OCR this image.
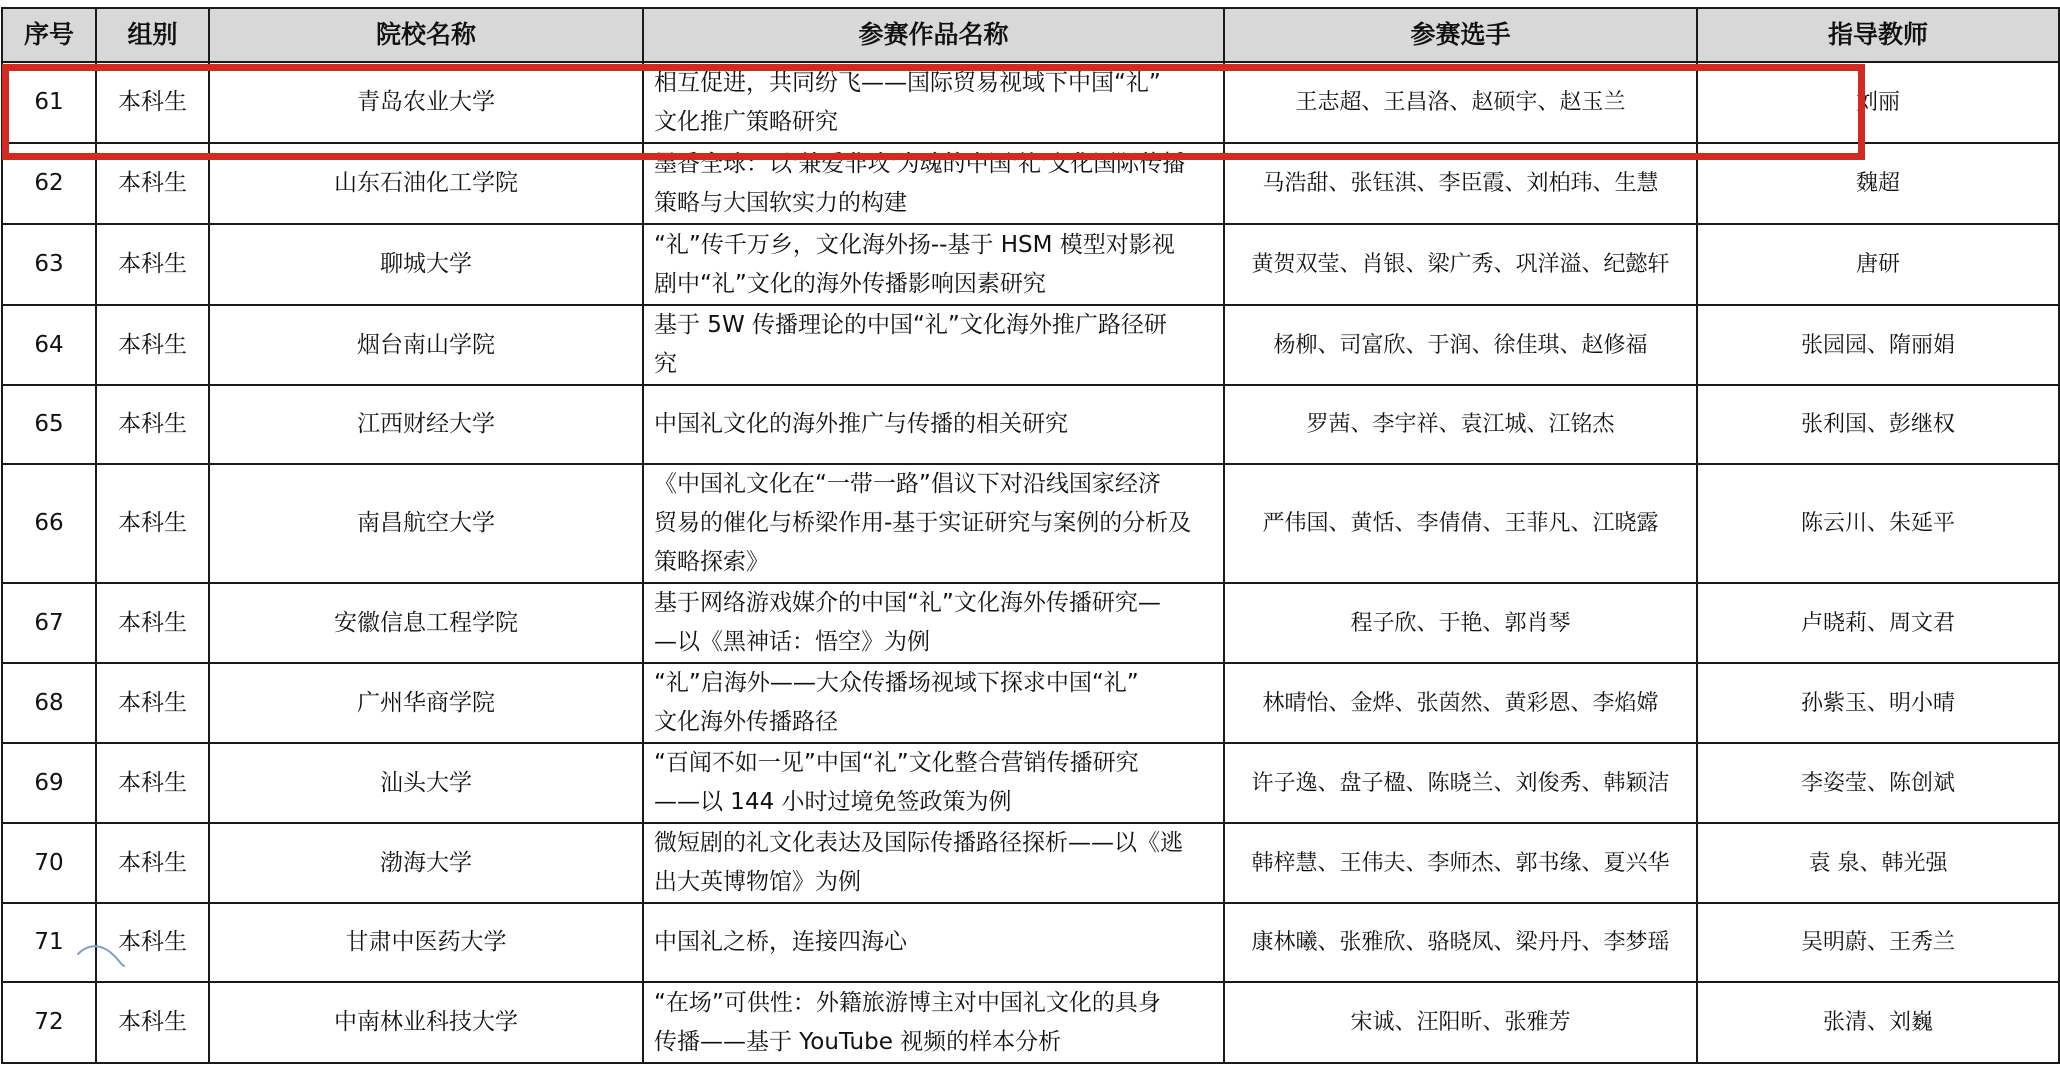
序号	组别	院校名称	参赛作品名称	参赛选手	指导教师
61	本科生	青岛农业大学	相互促进，共同纷飞——国际贸易视域下中国“礼”
文化推广策略研究	王志超、王昌洛、赵硕宇、赵玉兰	刘丽
62	本科生	山东石油化工学院	墨香全球：以'兼爱非攻'为魂的中国'礼'文化国际传播
策略与大国软实力的构建	马浩甜、张钰淇、李臣霞、刘柏玮、生慧	魏超
63	本科生	聊城大学	“礼”传千万乡，文化海外扬--基于 HSM 模型对影视
剧中“礼”文化的海外传播影响因素研究	黄贺双莹、肖银、梁广秀、巩洋溢、纪懿轩	唐研
64	本科生	烟台南山学院	基于 5W 传播理论的中国“礼”文化海外推广路径研
究	杨柳、司富欣、于润、徐佳琪、赵修福	张园园、隋丽娟
65	本科生	江西财经大学	中国礼文化的海外推广与传播的相关研究	罗茜、李宇祥、袁江城、江铭杰	张利国、彭继权
66	本科生	南昌航空大学	《中国礼文化在“一带一路”倡议下对沿线国家经济
贸易的催化与桥梁作用-基于实证研究与案例的分析及
策略探索》	严伟国、黄恬、李倩倩、王菲凡、江晓露	陈云川、朱延平
67	本科生	安徽信息工程学院	基于网络游戏媒介的中国“礼”文化海外传播研究—
—以《黑神话：悟空》为例	程子欣、于艳、郭肖琴	卢晓莉、周文君
68	本科生	广州华商学院	“礼”启海外——大众传播场视域下探求中国“礼”
文化海外传播路径	林晴怡、金烨、张茵然、黄彩恩、李焰嫦	孙紫玉、明小晴
69	本科生	汕头大学	“百闻不如一见”中国“礼”文化整合营销传播研究
——以 144 小时过境免签政策为例	许子逸、盘子楹、陈晓兰、刘俊秀、韩颖洁	李姿莹、陈创斌
70	本科生	渤海大学	微短剧的礼文化表达及国际传播路径探析——以《逃
出大英博物馆》为例	韩梓慧、王伟夫、李师杰、郭书缘、夏兴华	袁 泉、韩光强
71	本科生	甘肃中医药大学	中国礼之桥，连接四海心	康林曦、张雅欣、骆晓凤、梁丹丹、李梦瑶	吴明蔚、王秀兰
72	本科生	中南林业科技大学	“在场”可供性：外籍旅游博主对中国礼文化的具身
传播——基于 YouTube 视频的样本分析	宋诚、汪阳昕、张雅芳	张清、刘巍
